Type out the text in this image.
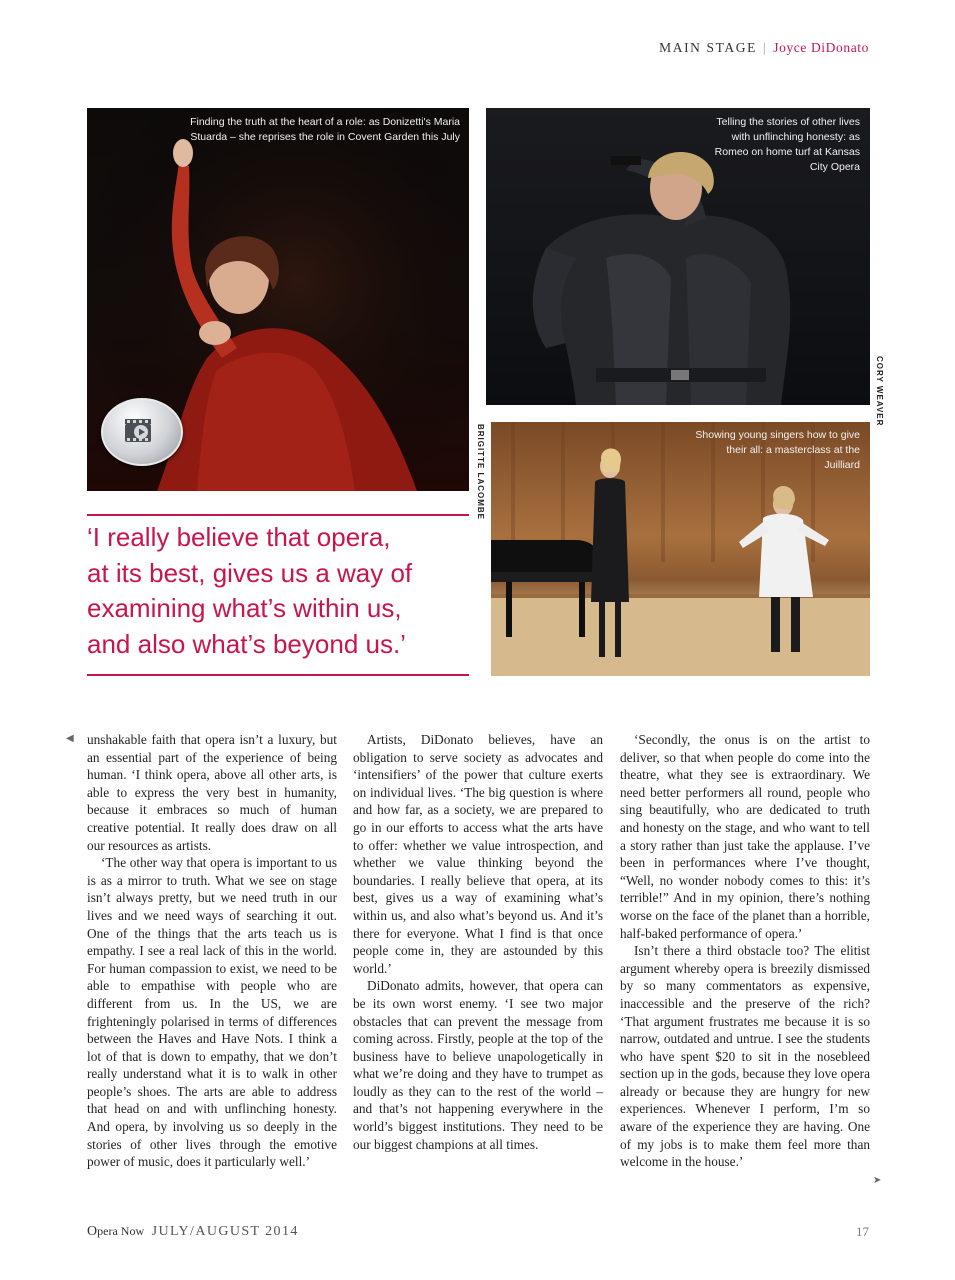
MAIN STAGE | Joyce DiDonato
Finding the truth at the heart of a role: as Donizetti's Maria Stuarda – she reprises the role in Covent Garden this July
BRIGITTE LACOMBE
Telling the stories of other lives with unflinching honesty: as Romeo on home turf at Kansas City Opera
CORY WEAVER
Showing young singers how to give their all: a masterclass at the Juilliard
‘I really believe that opera,
at its best, gives us a way of
examining what’s within us,
and also what’s beyond us.’
◀
➤

unshakable faith that opera isn’t a luxury, but an essential part of the experience of being human. ‘I think opera, above all other arts, is able to express the very best in humanity, because it embraces so much of human creative potential. It really does draw on all our resources as artists.

‘The other way that opera is important to us is as a mirror to truth. What we see on stage isn’t always pretty, but we need truth in our lives and we need ways of searching it out. One of the things that the arts teach us is empathy. I see a real lack of this in the world. For human compassion to exist, we need to be able to empathise with people who are different from us. In the US, we are frighteningly polarised in terms of differences between the Haves and Have Nots. I think a lot of that is down to empathy, that we don’t really understand what it is to walk in other people’s shoes. The arts are able to address that head on and with unflinching honesty. And opera, by involving us so deeply in the stories of other lives through the emotive power of music, does it particularly well.’

Artists, DiDonato believes, have an obligation to serve society as advocates and ‘intensifiers’ of the power that culture exerts on individual lives. ‘The big question is where and how far, as a society, we are prepared to go in our efforts to access what the arts have to offer: whether we value introspection, and whether we value thinking beyond the boundaries. I really believe that opera, at its best, gives us a way of examining what’s within us, and also what’s beyond us. And it’s there for everyone. What I find is that once people come in, they are astounded by this world.’

DiDonato admits, however, that opera can be its own worst enemy. ‘I see two major obstacles that can prevent the message from coming across. Firstly, people at the top of the business have to believe unapologetically in what we’re doing and they have to trumpet as loudly as they can to the rest of the world – and that’s not happening everywhere in the world’s biggest institutions. They need to be our biggest champions at all times.

‘Secondly, the onus is on the artist to deliver, so that when people do come into the theatre, what they see is extraordinary. We need better performers all round, people who sing beautifully, who are dedicated to truth and honesty on the stage, and who want to tell a story rather than just take the applause. I’ve been in performances where I’ve thought, “Well, no wonder nobody comes to this: it’s terrible!” And in my opinion, there’s nothing worse on the face of the planet than a horrible, half-baked performance of opera.’

Isn’t there a third obstacle too? The elitist argument whereby opera is breezily dismissed by so many commentators as expensive, inaccessible and the preserve of the rich? ‘That argument frustrates me because it is so narrow, outdated and untrue. I see the students who have spent $20 to sit in the nosebleed section up in the gods, because they love opera already or because they are hungry for new experiences. Whenever I perform, I’m so aware of the experience they are having. One of my jobs is to make them feel more than welcome in the house.’

Opera Now JULY/AUGUST 2014	17
